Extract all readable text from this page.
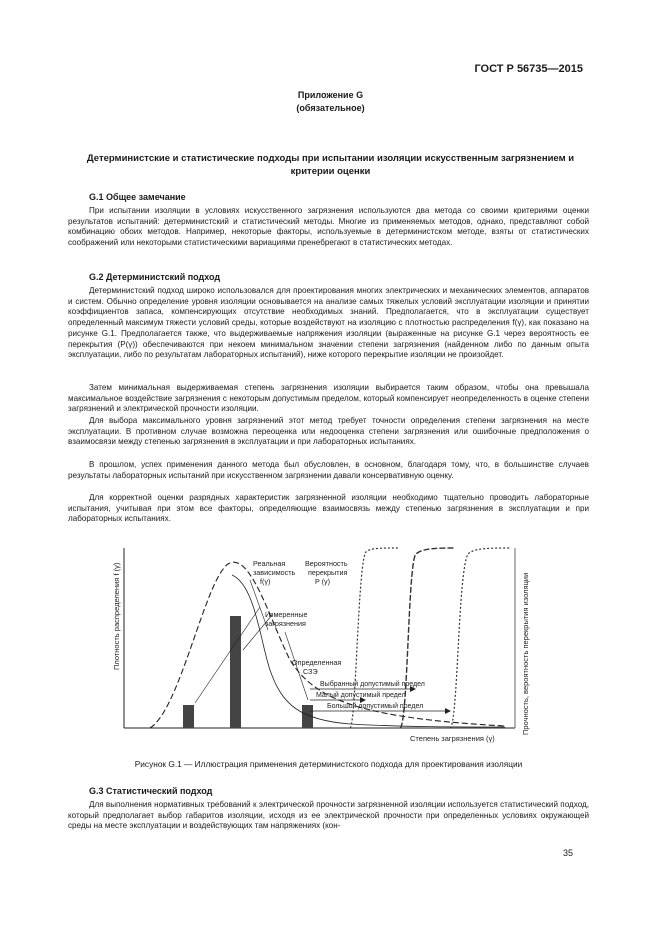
ГОСТ Р 56735—2015
Приложение G
(обязательное)
Детерминистские и статистические подходы при испытании изоляции искусственным загрязнением и критерии оценки
G.1 Общее замечание

При испытании изоляции в условиях искусственного загрязнения используются два метода со своими критериями оценки результатов испытаний: детерминистский и статистический методы. Многие из применяемых методов, однако, представляют собой комбинацию обоих методов. Например, некоторые факторы, используемые в детерминистском методе, взяты от статистических соображений или некоторыми статистическими вариациями пренебрегают в статистических методах.

G.2 Детерминистский подход

Детерминистский подход широко использовался для проектирования многих электрических и механических элементов, аппаратов и систем. Обычно определение уровня изоляции основывается на анализе самых тяжелых условий эксплуатации изоляции и принятии коэффициентов запаса, компенсирующих отсутствие необходимых знаний. Предполагается, что в эксплуатации существует определенный максимум тяжести условий среды, которые воздействуют на изоляцию с плотностью распределения f(γ), как показано на рисунке G.1. Предполагается также, что выдерживаемые напряжения изоляции (выраженные на рисунке G.1 через вероятность ее перекрытия (P(γ)) обеспечиваются при некоем минимальном значении степени загрязнения (найденном либо по данным опыта эксплуатации, либо по результатам лабораторных испытаний), ниже которого перекрытие изоляции не произойдет.

Затем минимальная выдерживаемая степень загрязнения изоляции выбирается таким образом, чтобы она превышала максимальное воздействие загрязнения с некоторым допустимым пределом, который компенсирует неопределенность в оценке степени загрязнений и электрической прочности изоляции.

Для выбора максимального уровня загрязнений этот метод требует точности определения степени загрязнения на месте эксплуатации. В противном случае возможна переоценка или недооценка степени загрязнения или ошибочные предположения о взаимосвязи между степенью загрязнения в эксплуатации и при лабораторных испытаниях.

В прошлом, успех применения данного метода был обусловлен, в основном, благодаря тому, что, в большинстве случаев результаты лабораторных испытаний при искусственном загрязнении давали консервативную оценку.

Для корректной оценки разрядных характеристик загрязненной изоляции необходимо тщательно проводить лабораторные испытания, учитывая при этом все факторы, определяющие взаимосвязь между степенью загрязнения в эксплуатации и при лабораторных испытаниях.

Плотность распределения f (γ)	Прочность, вероятность перекрытия изоляции
Степень загрязнения (γ)
Реальная
зависимость
f(γ)
Вероятность
перекрытия
P (γ)
Измеренные
загрязнения
Определенная
СЗЭ
Выбранный допустимый предел
Малый допустимый предел
Большой допустимый предел
Рисунок G.1 — Иллюстрация применения детерминистского подхода для проектирования изоляции
G.3 Статистический подход

Для выполнения нормативных требований к электрической прочности загрязненной изоляции используется статистический подход, который предполагает выбор габаритов изоляции, исходя из ее электрической прочности при определенных условиях окружающей среды на месте эксплуатации и воздействующих там напряжениях (кон-

35
